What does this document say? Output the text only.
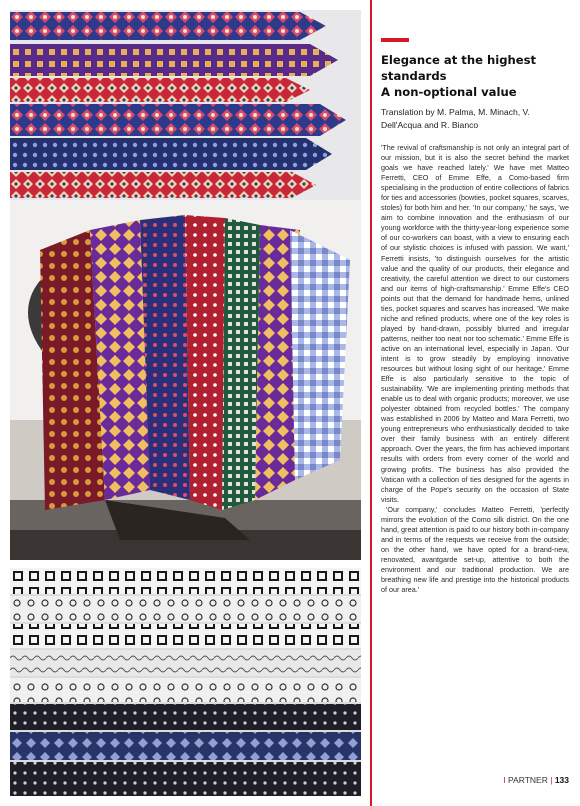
Elegance at the highest standards
A non-optional value
Translation by M. Palma, M. Minach, V. Dell'Acqua and R. Bianco

'The revival of craftsmanship is not only an integral part of our mission, but it is also the secret behind the market goals we have reached lately.' We have met Matteo Ferretti, CEO of Emme Effe, a Como-based firm specialising in the production of entire collections of fabrics for ties and accessories (bowties, pocket squares, scarves, stoles) for both him and her. 'In our company,' he says, 'we aim to combine innovation and the enthusiasm of our young workforce with the thirty-year-long experience some of our co-workers can boast, with a view to ensuring each of our stylistic choices is infused with passion. We want,' Ferretti insists, 'to distinguish ourselves for the artistic value and the quality of our products, their elegance and creativity, the careful attention we direct to our customers and our items of high-craftsmanship.' Emme Effe's CEO points out that the demand for handmade hems, unlined ties, pocket squares and scarves has increased. 'We make niche and refined products, where one of the key roles is played by hand-drawn, possibly blurred and irregular patterns, neither too neat nor too schematic.' Emme Effe is active on an international level, especially in Japan. 'Our intent is to grow steadily by employing innovative resources but without losing sight of our heritage.' Emme Effe is also particularly sensitive to the topic of sustainability. 'We are implementing printing methods that enable us to deal with organic products; moreover, we use polyester obtained from recycled bottles.' The company was established in 2006 by Matteo and Mara Ferretti, two young entrepreneurs who enthusiastically decided to take over their family business with an entirely different approach. Over the years, the firm has achieved important results with orders from every corner of the world and growing profits. The business has also provided the Vatican with a collection of ties designed for the agents in charge of the Pope's security on the occasion of State visits.

'Our company,' concludes Matteo Ferretti, 'perfectly mirrors the evolution of the Como silk district. On the one hand, great attention is paid to our history both in-company and in terms of the requests we receive from the outside; on the other hand, we have opted for a brand-new, renovated, avantgarde set-up, attentive to both the environment and our traditional production. We are breathing new life and prestige into the historical products of our area.'

I PARTNER | 133
